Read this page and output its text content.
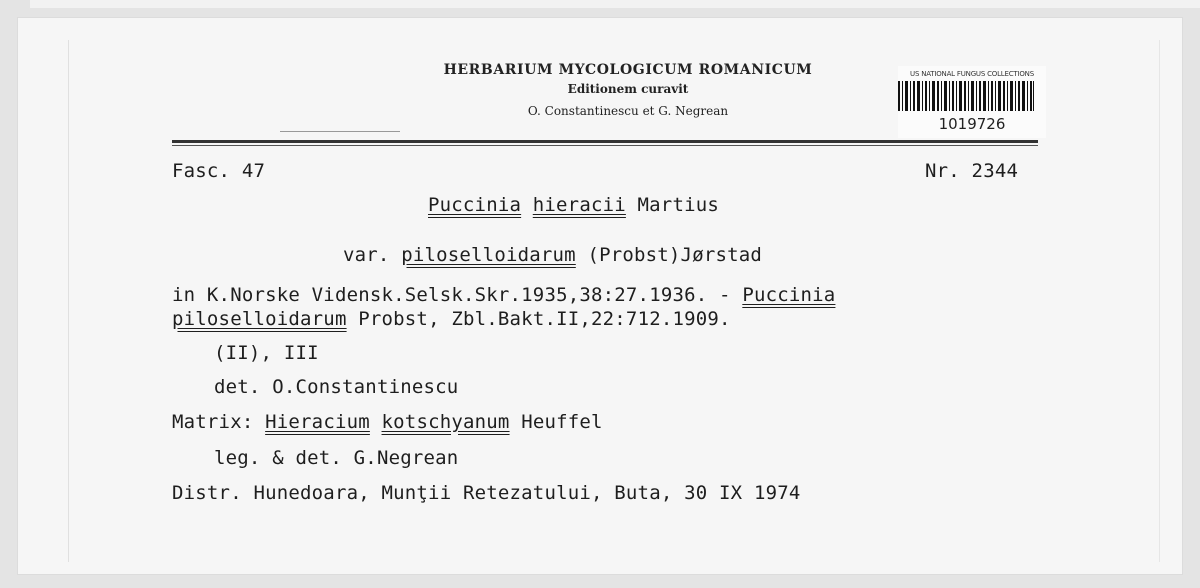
HERBARIUM MYCOLOGICUM ROMANICUM
Editionem curavit
O. Constantinescu et G. Negrean
US NATIONAL FUNGUS COLLECTIONS
1019726
Fasc. 47	Nr. 2344
Puccinia hieracii Martius
var. piloselloidarum (Probst)Jørstad
in K.Norske Vidensk.Selsk.Skr.1935,38:27.1936. - Puccinia
piloselloidarum Probst, Zbl.Bakt.II,22:712.1909.
(II), III
det. O.Constantinescu
Matrix: Hieracium kotschyanum Heuffel
leg. & det. G.Negrean
Distr. Hunedoara, Munţii Retezatului, Buta, 30 IX 1974
